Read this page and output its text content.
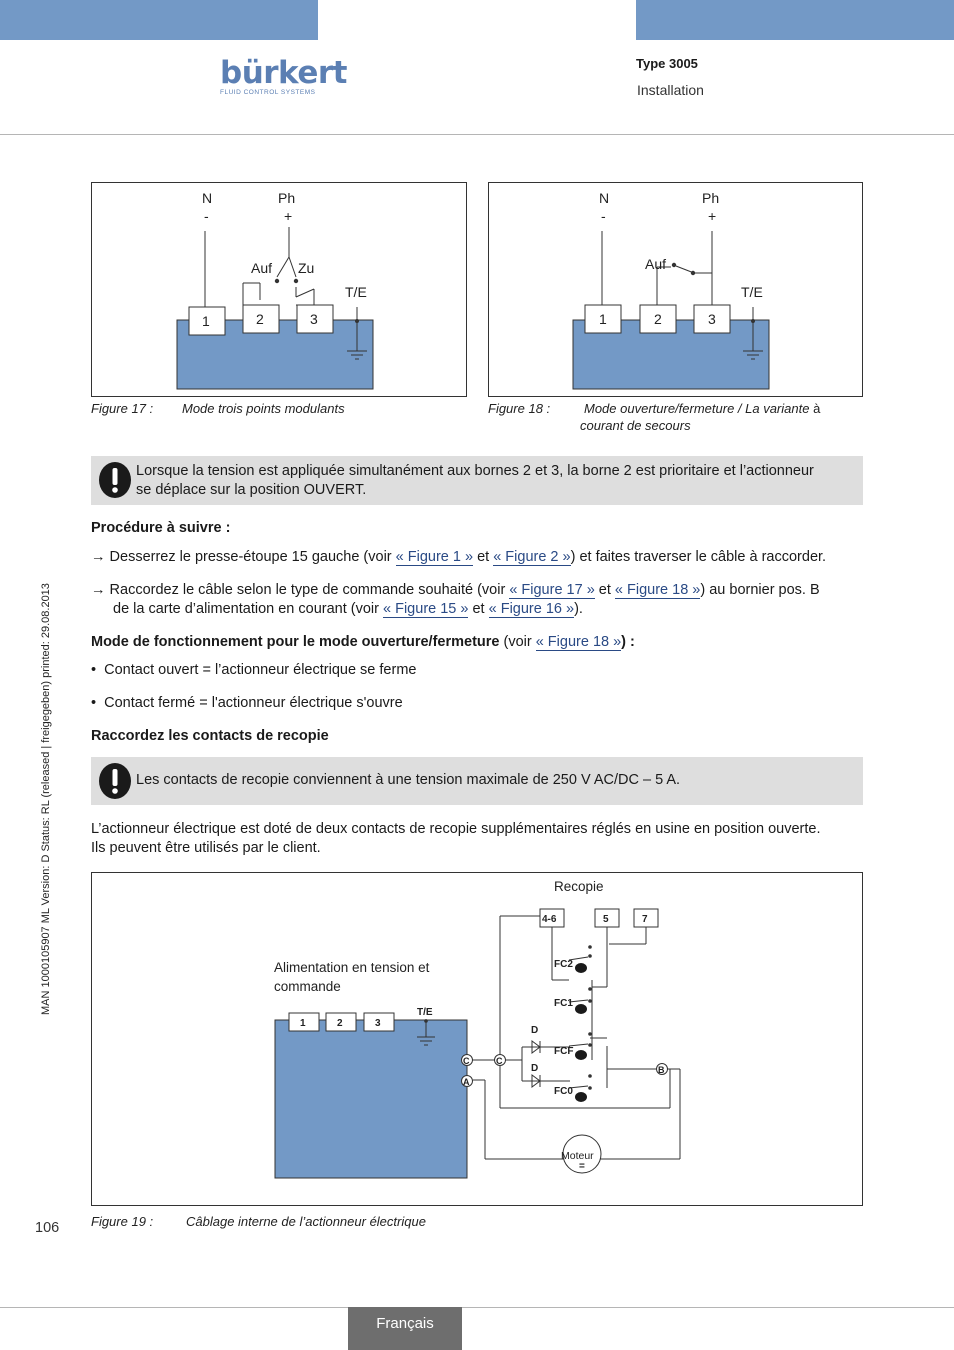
bürkert
FLUID CONTROL SYSTEMS
Type 3005
Installation
N
-
Ph
+
Auf Zu
T/E
1	2	3
Figure 17 : Mode trois points modulants
N
-
Ph
+
Auf
T/E
1	2	3
Figure 18 :	Mode ouverture/fermeture / La variante à
courant de secours
Lorsque la tension est appliquée simultanément aux bornes 2 et 3, la borne 2 est prioritaire et l’actionneur
se déplace sur la position OUVERT.
Procédure à suivre :
→ Desserrez le presse-étoupe 15 gauche (voir « Figure 1 » et « Figure 2 ») et faites traverser le câble à raccorder.
→ Raccordez le câble selon le type de commande souhaité (voir « Figure 17 » et « Figure 18 ») au bornier pos. B
de la carte d’alimentation en courant (voir « Figure 15 » et « Figure 16 »).
Mode de fonctionnement pour le mode ouverture/fermeture (voir « Figure 18 ») :
•  Contact ouvert = l’actionneur électrique se ferme
•  Contact fermé = l'actionneur électrique s'ouvre
Raccordez les contacts de recopie
Les contacts de recopie conviennent à une tension maximale de 250 V AC/DC – 5 A.
L’actionneur électrique est doté de deux contacts de recopie supplémentaires réglés en usine en position ouverte.
Ils peuvent être utilisés par le client.
Recopie
Alimentation en tension et
commande
4-6	5	7
1	2	3
T/E
FC2
FC1
FCF
FC0
D
D
C
A
C
B
Moteur
=
Figure 19 :	Câblage interne de l’actionneur électrique
MAN 1000105907 ML Version: D Status: RL (released | freigegeben) printed: 29.08.2013
106
Français
